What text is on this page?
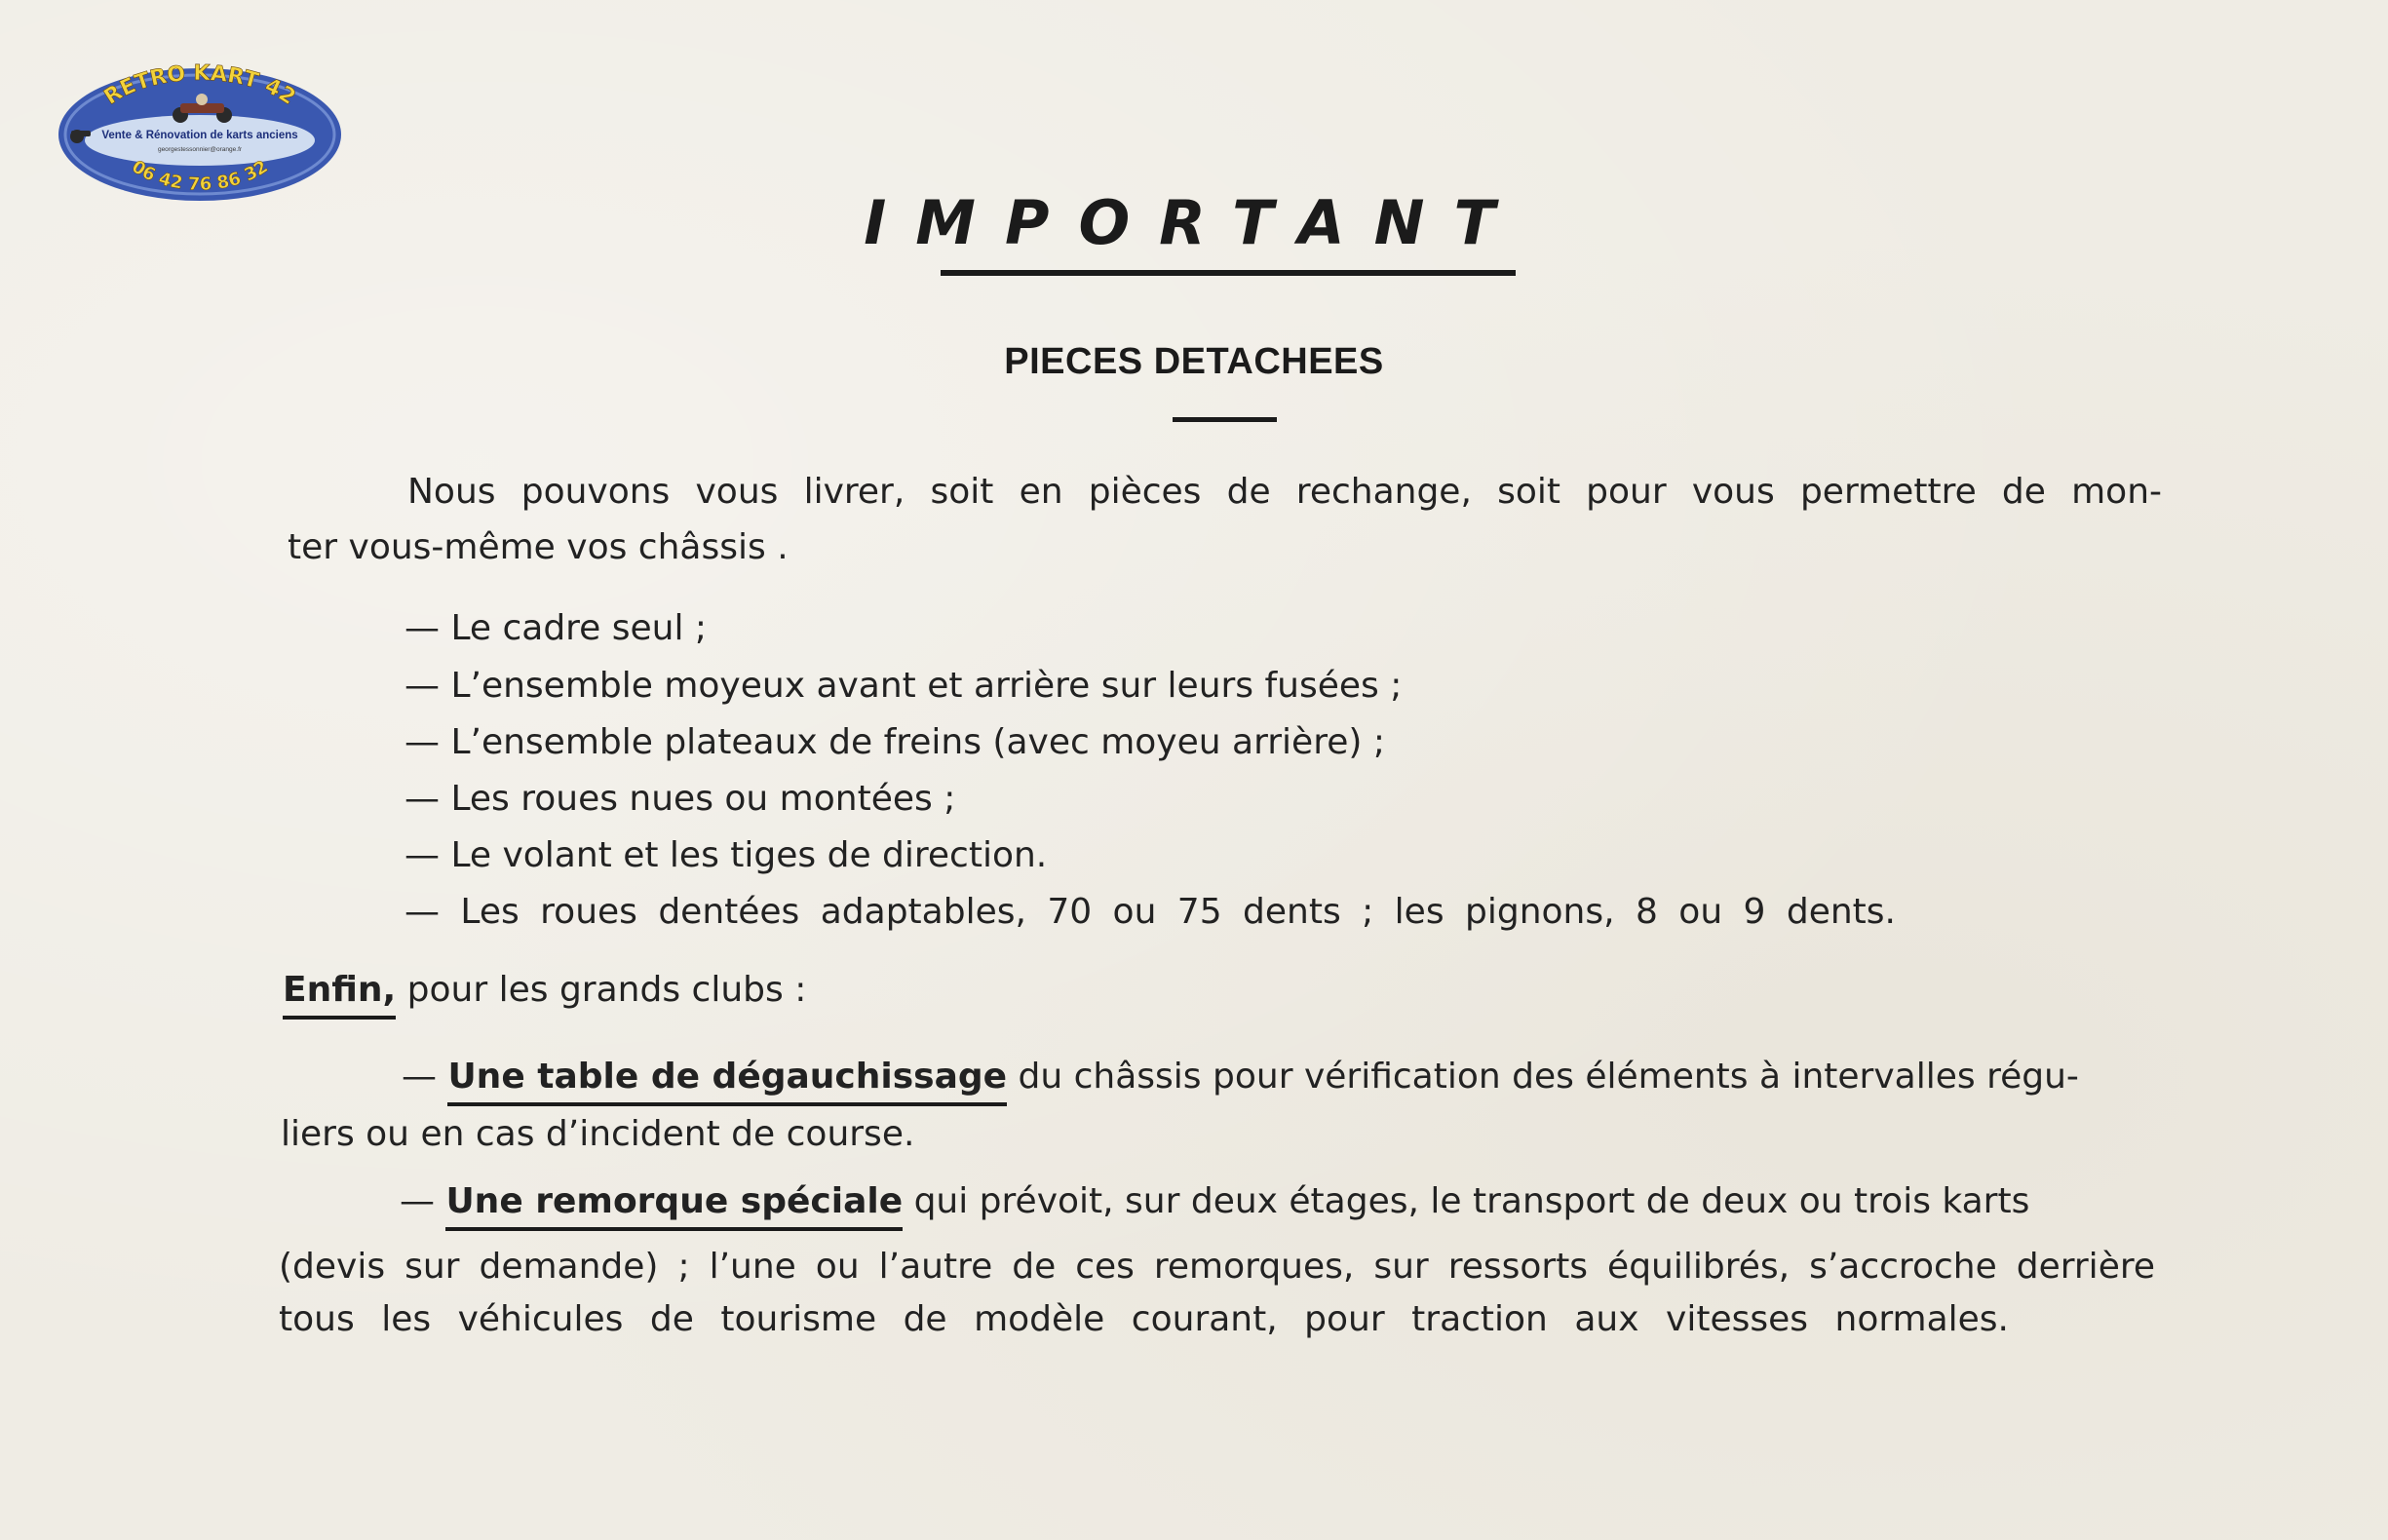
RETRO KART 42
Vente & Rénovation de karts anciens
georgestessonnier@orange.fr
06 42 76 86 32
IMPORTANT
PIECES DETACHEES
Nous pouvons vous livrer, soit en pièces de rechange, soit pour vous permettre de mon-
ter vous-même vos châssis .
— Le cadre seul ;
— L’ensemble moyeux avant et arrière sur leurs fusées ;
— L’ensemble plateaux de freins (avec moyeu arrière) ;
— Les roues nues ou montées ;
— Le volant et les tiges de direction.
— Les roues dentées adaptables, 70 ou 75 dents ; les pignons, 8 ou 9 dents.
Enfin, pour les grands clubs :
— Une table de dégauchissage du châssis pour vérification des éléments à intervalles régu-
liers ou en cas d’incident de course.
— Une remorque spéciale qui prévoit, sur deux étages, le transport de deux ou trois karts
(devis sur demande) ; l’une ou l’autre de ces remorques, sur ressorts équilibrés, s’accroche derrière
tous les véhicules de tourisme de modèle courant, pour traction aux vitesses normales.
